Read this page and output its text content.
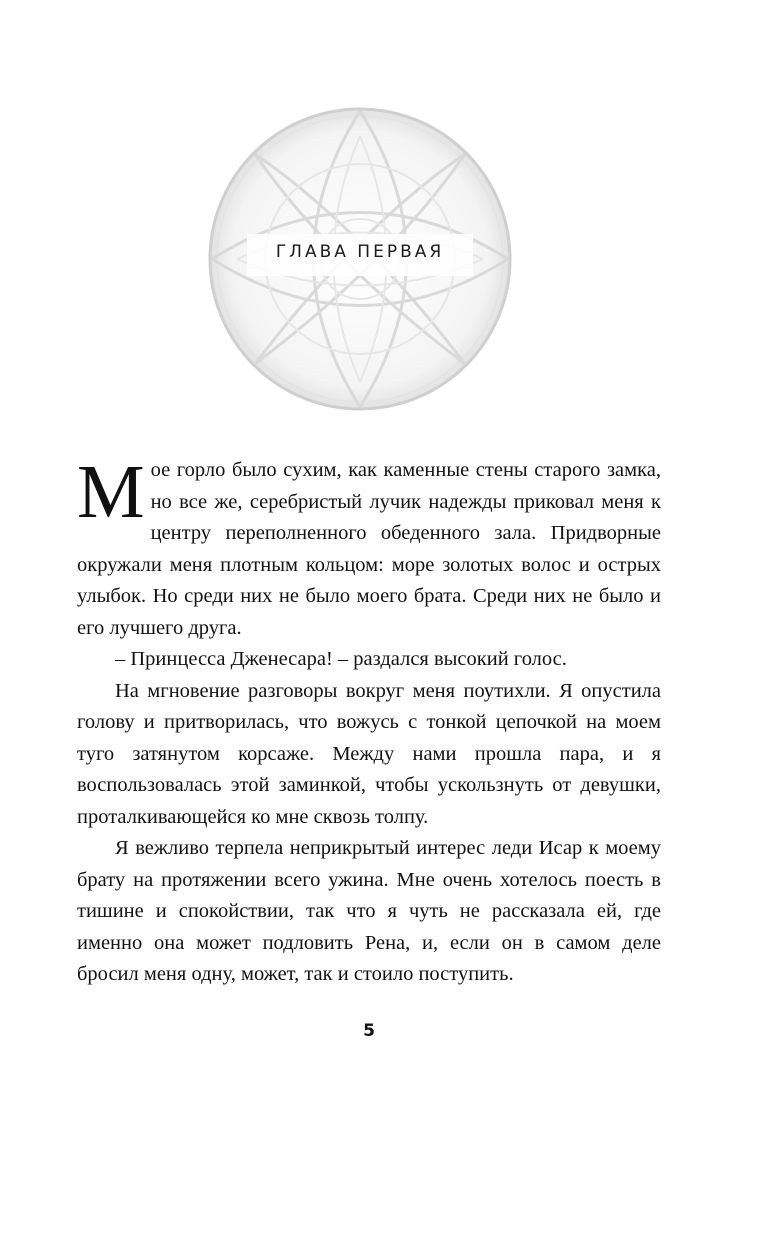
ГЛАВА ПЕРВАЯ

Мое горло было сухим, как каменные стены старого замка, но все же, серебристый лучик надежды приковал меня к центру переполненного обеденного зала. Придворные окружали меня плотным кольцом: море золотых волос и острых улыбок. Но среди них не было моего брата. Среди них не было и его лучшего друга.

– Принцесса Дженесара! – раздался высокий голос.

На мгновение разговоры вокруг меня поутихли. Я опустила голову и притворилась, что вожусь с тонкой цепочкой на моем туго затянутом корсаже. Между нами прошла пара, и я воспользовалась этой заминкой, чтобы ускользнуть от девушки, проталкивающейся ко мне сквозь толпу.

Я вежливо терпела неприкрытый интерес леди Исар к моему брату на протяжении всего ужина. Мне очень хотелось поесть в тишине и спокойствии, так что я чуть не рассказала ей, где именно она может подловить Рена, и, если он в самом деле бросил меня одну, может, так и стоило поступить.

5
